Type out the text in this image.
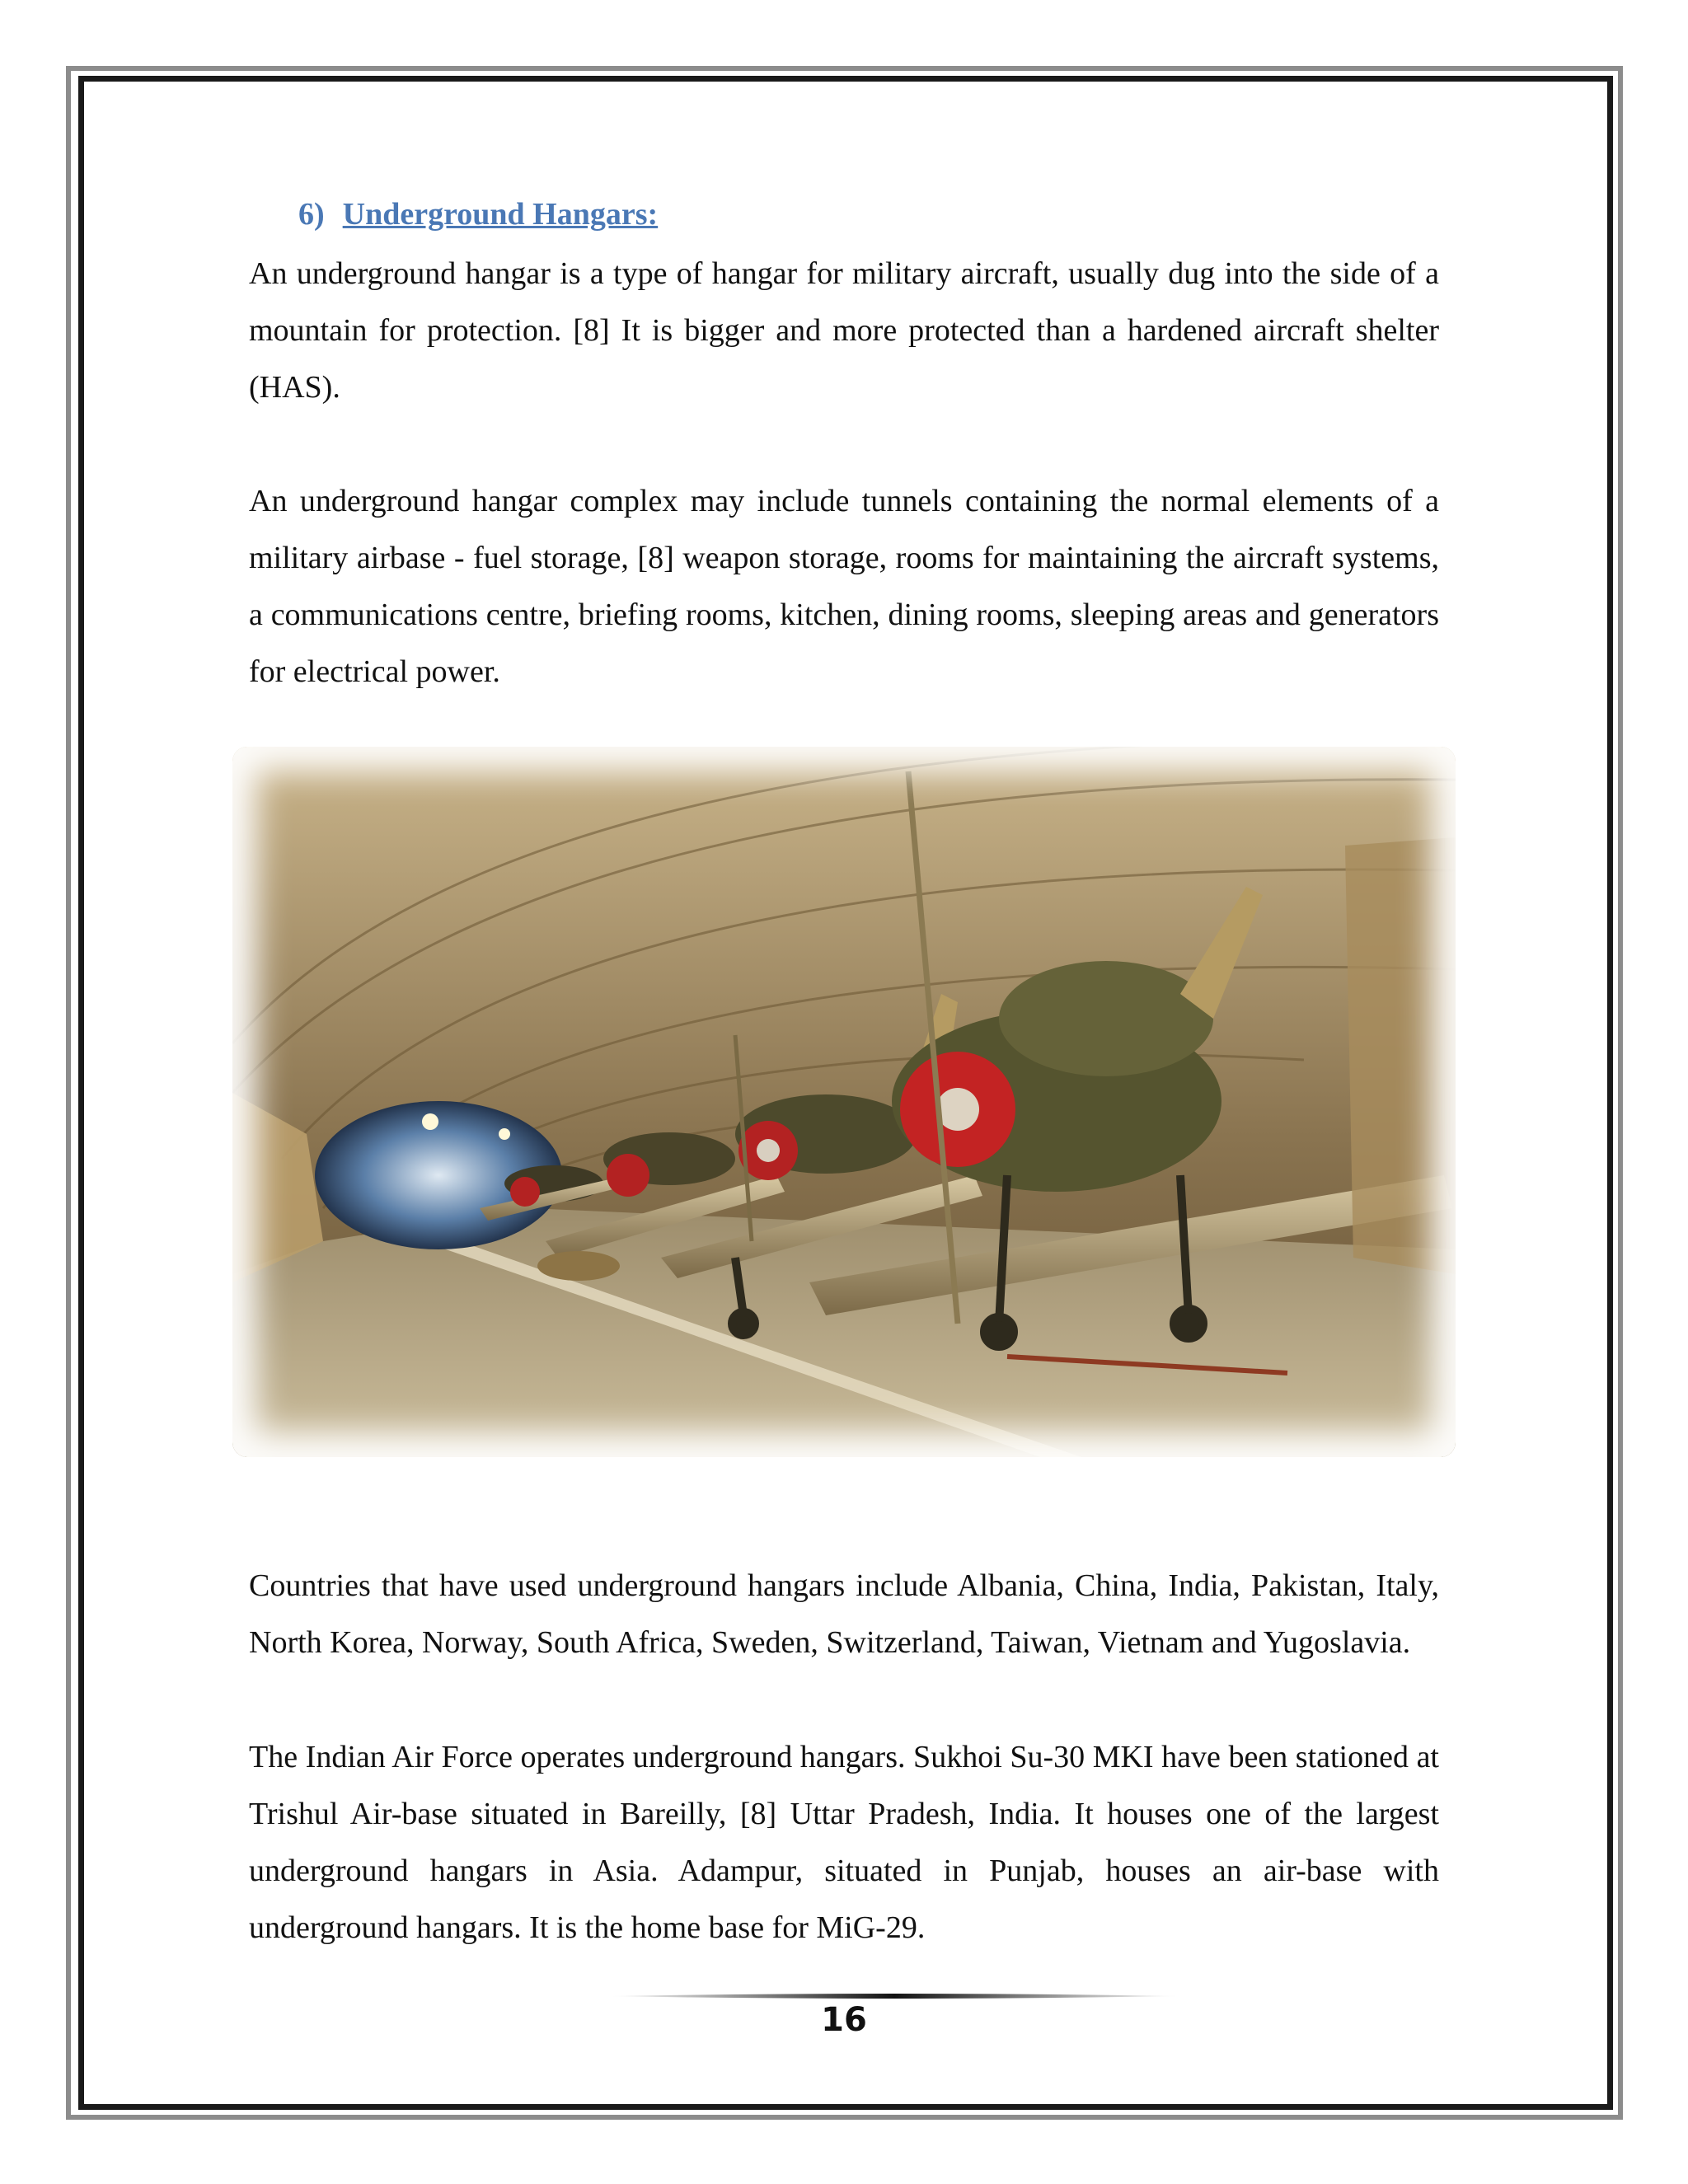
6) Underground Hangars:
An underground hangar is a type of hangar for military aircraft, usually dug into the side of a mountain for protection. [8] It is bigger and more protected than a hardened aircraft shelter (HAS).
An underground hangar complex may include tunnels containing the normal elements of a military airbase - fuel storage, [8] weapon storage, rooms for maintaining the aircraft systems, a communications centre, briefing rooms, kitchen, dining rooms, sleeping areas and generators for electrical power.
Countries that have used underground hangars include Albania, China, India, Pakistan, Italy, North Korea, Norway, South Africa, Sweden, Switzerland, Taiwan, Vietnam and Yugoslavia.
The Indian Air Force operates underground hangars. Sukhoi Su-30 MKI have been stationed at Trishul Air-base situated in Bareilly, [8] Uttar Pradesh, India. It houses one of the largest underground hangars in Asia. Adampur, situated in Punjab, houses an air-base with underground hangars. It is the home base for MiG-29.
16
